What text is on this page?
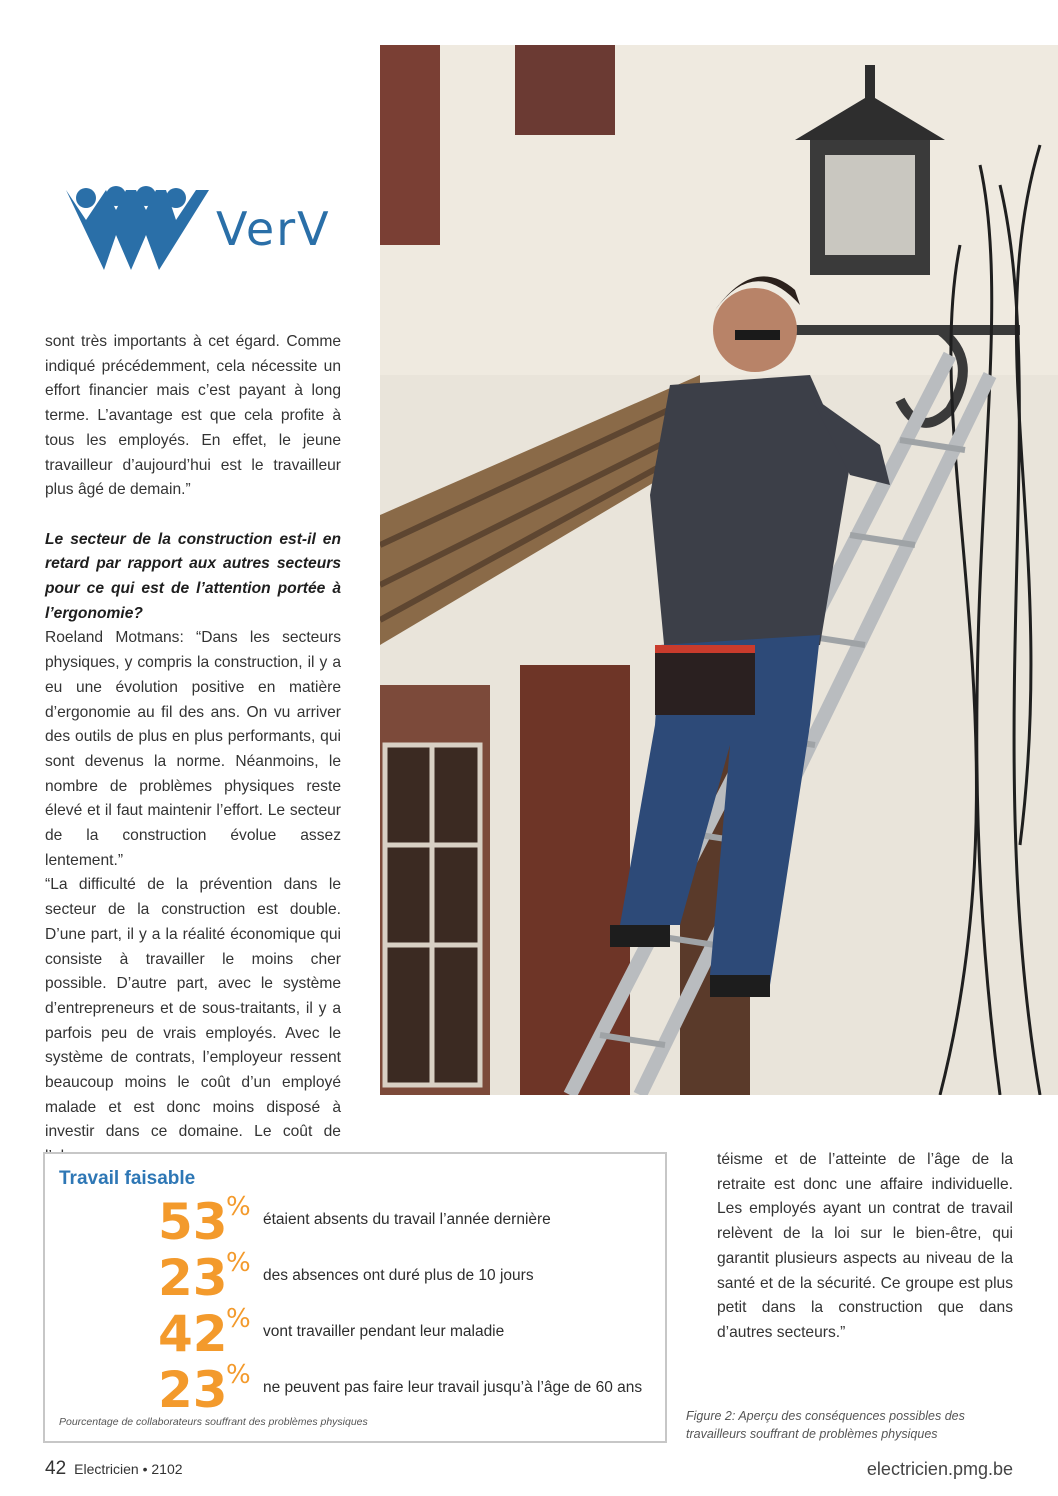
VerV

sont très importants à cet égard. Comme indiqué précédemment, cela nécessite un effort financier mais c’est payant à long terme. L’avantage est que cela profite à tous les employés. En effet, le jeune travailleur d’aujourd’hui est le travailleur plus âgé de demain.”

Le secteur de la construction est-il en retard par rapport aux autres secteurs pour ce qui est de l’attention portée à l’ergonomie?

Roeland Motmans: “Dans les secteurs physiques, y compris la construction, il y a eu une évolution positive en matière d’ergonomie au fil des ans. On vu arriver des outils de plus en plus performants, qui sont devenus la norme. Néanmoins, le nombre de problèmes physiques reste élevé et il faut maintenir l’effort. Le secteur de la construction évolue assez lentement.”

“La difficulté de la prévention dans le secteur de la construction est double. D’une part, il y a la réalité économique qui consiste à travailler le moins cher possible. D’autre part, avec le système d’entrepreneurs et de sous-traitants, il y a parfois peu de vrais employés. Avec le système de contrats, l’employeur ressent beaucoup moins le coût d’un employé malade et est donc moins disposé à investir dans ce domaine. Le coût de

Travail faisable
53
% étaient absents du travail l’année dernière
23
% des absences ont duré plus de 10 jours
42
% vont travailler pendant leur maladie
23
% ne peuvent pas faire leur travail jusqu’à l’âge de 60 ans
Pourcentage de collaborateurs souffrant des problèmes physiques

téisme et de l’atteinte de l’âge de la retraite est donc une affaire individuelle. Les employés ayant un contrat de travail relèvent de la loi sur le bien-être, qui garantit plusieurs aspects au niveau de la santé et de la sécurité. Ce groupe est plus petit dans la construction que dans d’autres secteurs.”

Figure 2: Aperçu des conséquences possibles des travailleurs souffrant de problèmes physiques
42 Electricien • 2102	electricien.pmg.be
